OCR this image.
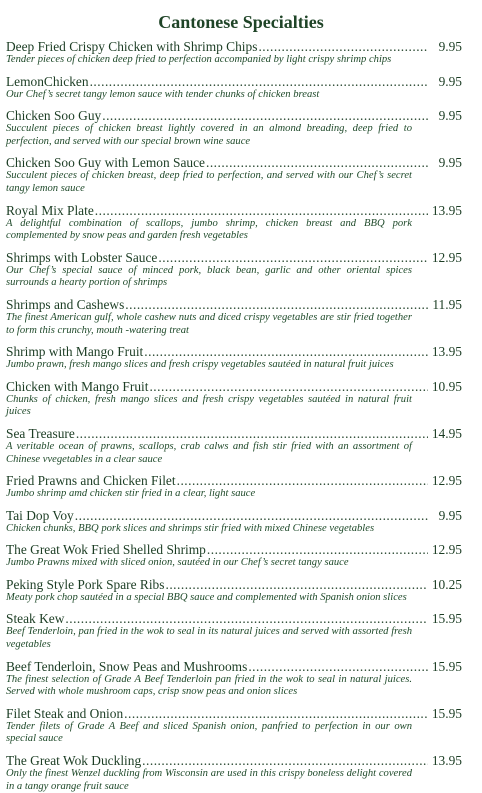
Cantonese Specialties
Deep Fried Crispy Chicken with Shrimp Chips .....	9.95
Tender pieces of chicken deep fried to perfection accompanied by light crispy shrimp chips
LemonChicken .....	9.95
Our Chef’s secret tangy lemon sauce with tender chunks of chicken breast
Chicken Soo Guy .....	9.95
Succulent pieces of chicken breast lightly covered in an almond breading, deep fried to perfection, and served with our special brown wine sauce
Chicken Soo Guy with Lemon Sauce .....	9.95
Succulent pieces of chicken breast, deep fried to perfection, and served with our Chef’s secret tangy lemon sauce
Royal Mix Plate .....	13.95
A delightful combination of scallops, jumbo shrimp, chicken breast and BBQ pork complemented by snow peas and garden fresh vegetables
Shrimps with Lobster Sauce .....	12.95
Our Chef’s special sauce of minced pork, black bean, garlic and other oriental spices surrounds a hearty portion of shrimps
Shrimps and Cashews .....	11.95
The finest American gulf, whole cashew nuts and diced crispy vegetables are stir fried together to form this crunchy, mouth -watering treat
Shrimp with Mango Fruit .....	13.95
Jumbo prawn, fresh mango slices and fresh crispy vegetables sautéed in natural fruit juices
Chicken with Mango Fruit .....	10.95
Chunks of chicken, fresh mango slices and fresh crispy vegetables sautéed in natural fruit juices
Sea Treasure .....	14.95
A veritable ocean of prawns, scallops, crab calws and fish stir fried with an assortment of Chinese vvegetables in a clear sauce
Fried Prawns and Chicken Filet .....	12.95
Jumbo shrimp amd chicken stir fried in a clear, light sauce
Tai Dop Voy .....	9.95
Chicken chunks, BBQ pork slices and shrimps stir fried with mixed Chinese vegetables
The Great Wok Fried Shelled Shrimp .....	12.95
Jumbo Prawns mixed with sliced onion, sautéed in our Chef’s secret tangy sauce
Peking Style Pork Spare Ribs .....	10.25
Meaty pork chop sautéed in a special BBQ sauce and complemented with Spanish onion slices
Steak Kew .....	15.95
Beef Tenderloin, pan fried in the wok to seal in its natural juices and served with assorted fresh vegetables
Beef Tenderloin, Snow Peas and Mushrooms .....	15.95
The finest selection of Grade A Beef Tenderloin pan fried in the wok to seal in natural juices. Served with whole mushroom caps, crisp snow peas and onion slices
Filet Steak and Onion .....	15.95
Tender filets of Grade A Beef and sliced Spanish onion, panfried to perfection in our own special sauce
The Great Wok Duckling .....	13.95
Only the finest Wenzel duckling from Wisconsin are used in this crispy boneless delight covered in a tangy orange fruit sauce
